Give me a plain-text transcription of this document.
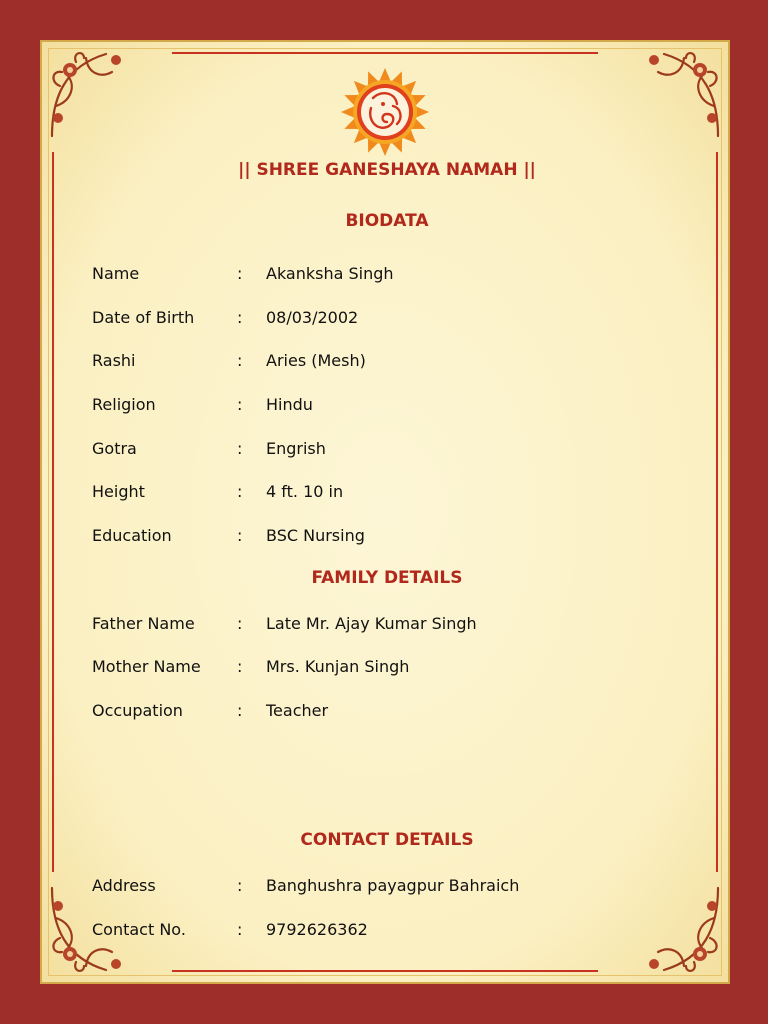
|| SHREE GANESHAYA NAMAH ||
BIODATA
Name	:	Akanksha Singh
Date of Birth	:	08/03/2002
Rashi	:	Aries (Mesh)
Religion	:	Hindu
Gotra	:	Engrish
Height	:	4 ft. 10 in
Education	:	BSC Nursing
FAMILY DETAILS
Father Name	:	Late Mr. Ajay Kumar Singh
Mother Name	:	Mrs. Kunjan Singh
Occupation	:	Teacher
CONTACT DETAILS
Address	:	Banghushra payagpur Bahraich
Contact No.	:	9792626362
